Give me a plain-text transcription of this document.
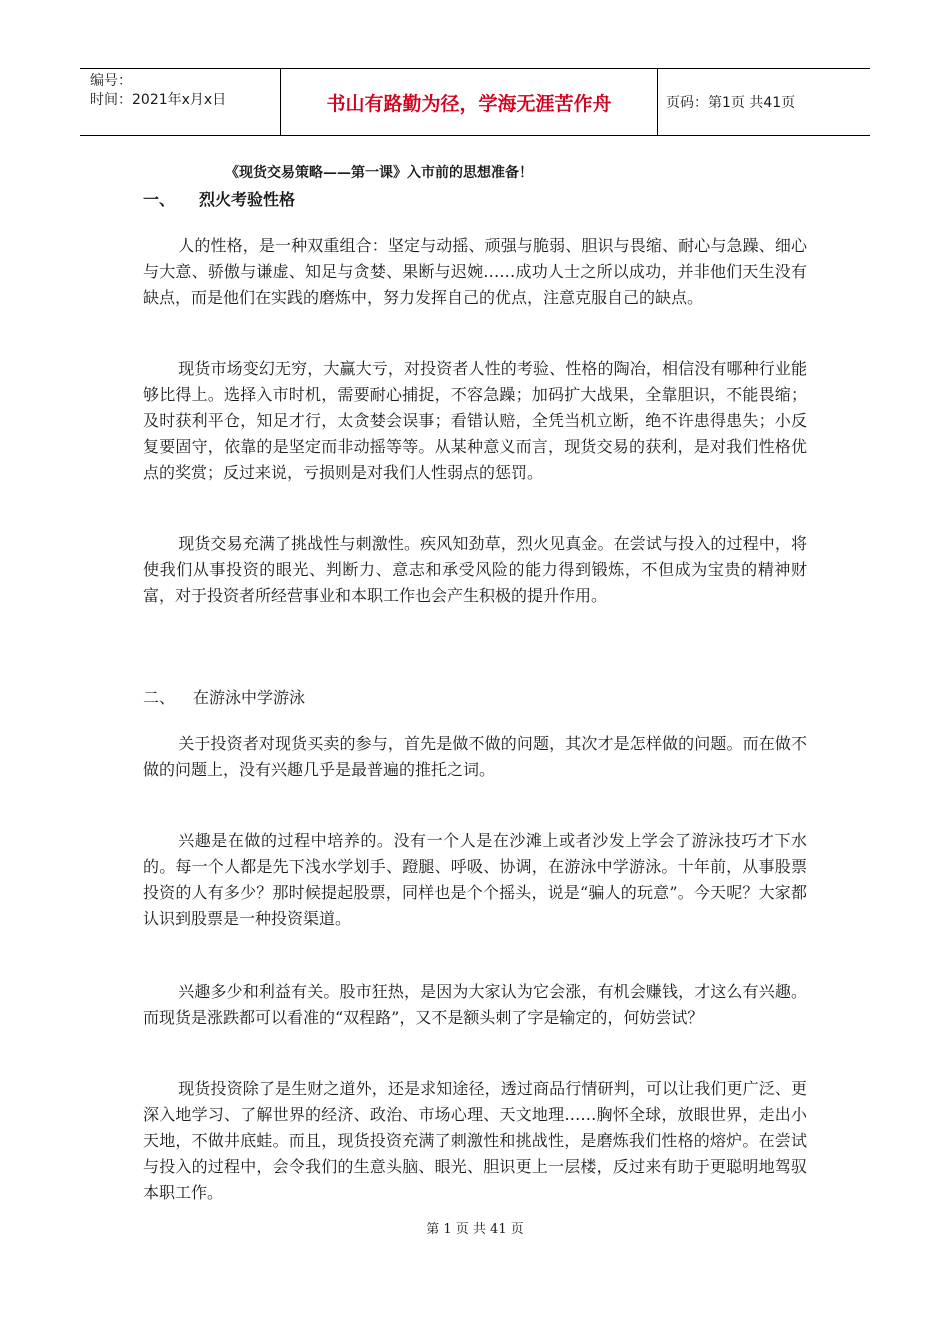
编号：
时间：2021年x月x日	书山有路勤为径，学海无涯苦作舟	页码：第1页 共41页
《现货交易策略——第一课》入市前的思想准备！
一、 烈火考验性格

人的性格，是一种双重组合：坚定与动摇、顽强与脆弱、胆识与畏缩、耐心与急躁、细心与大意、骄傲与谦虚、知足与贪婪、果断与迟婉……成功人士之所以成功，并非他们天生没有缺点，而是他们在实践的磨炼中，努力发挥自己的优点，注意克服自己的缺点。

现货市场变幻无穷，大赢大亏，对投资者人性的考验、性格的陶冶，相信没有哪种行业能够比得上。选择入市时机，需要耐心捕捉，不容急躁；加码扩大战果，全靠胆识，不能畏缩；及时获利平仓，知足才行，太贪婪会误事；看错认赔，全凭当机立断，绝不许患得患失；小反复要固守，依靠的是坚定而非动摇等等。从某种意义而言，现货交易的获利，是对我们性格优点的奖赏；反过来说，亏损则是对我们人性弱点的惩罚。

现货交易充满了挑战性与刺激性。疾风知劲草，烈火见真金。在尝试与投入的过程中，将使我们从事投资的眼光、判断力、意志和承受风险的能力得到锻炼，不但成为宝贵的精神财富，对于投资者所经营事业和本职工作也会产生积极的提升作用。

二、 在游泳中学游泳

关于投资者对现货买卖的参与，首先是做不做的问题，其次才是怎样做的问题。而在做不做的问题上，没有兴趣几乎是最普遍的推托之词。

兴趣是在做的过程中培养的。没有一个人是在沙滩上或者沙发上学会了游泳技巧才下水的。每一个人都是先下浅水学划手、蹬腿、呼吸、协调，在游泳中学游泳。十年前，从事股票投资的人有多少？那时候提起股票，同样也是个个摇头，说是“骗人的玩意”。今天呢？大家都认识到股票是一种投资渠道。

兴趣多少和利益有关。股市狂热，是因为大家认为它会涨，有机会赚钱，才这么有兴趣。而现货是涨跌都可以看准的“双程路”，又不是额头刺了字是输定的，何妨尝试？

现货投资除了是生财之道外，还是求知途径，透过商品行情研判，可以让我们更广泛、更深入地学习、了解世界的经济、政治、市场心理、天文地理……胸怀全球，放眼世界，走出小天地，不做井底蛙。而且，现货投资充满了刺激性和挑战性，是磨炼我们性格的熔炉。在尝试与投入的过程中，会令我们的生意头脑、眼光、胆识更上一层楼，反过来有助于更聪明地驾驭本职工作。

第 1 页 共 41 页
